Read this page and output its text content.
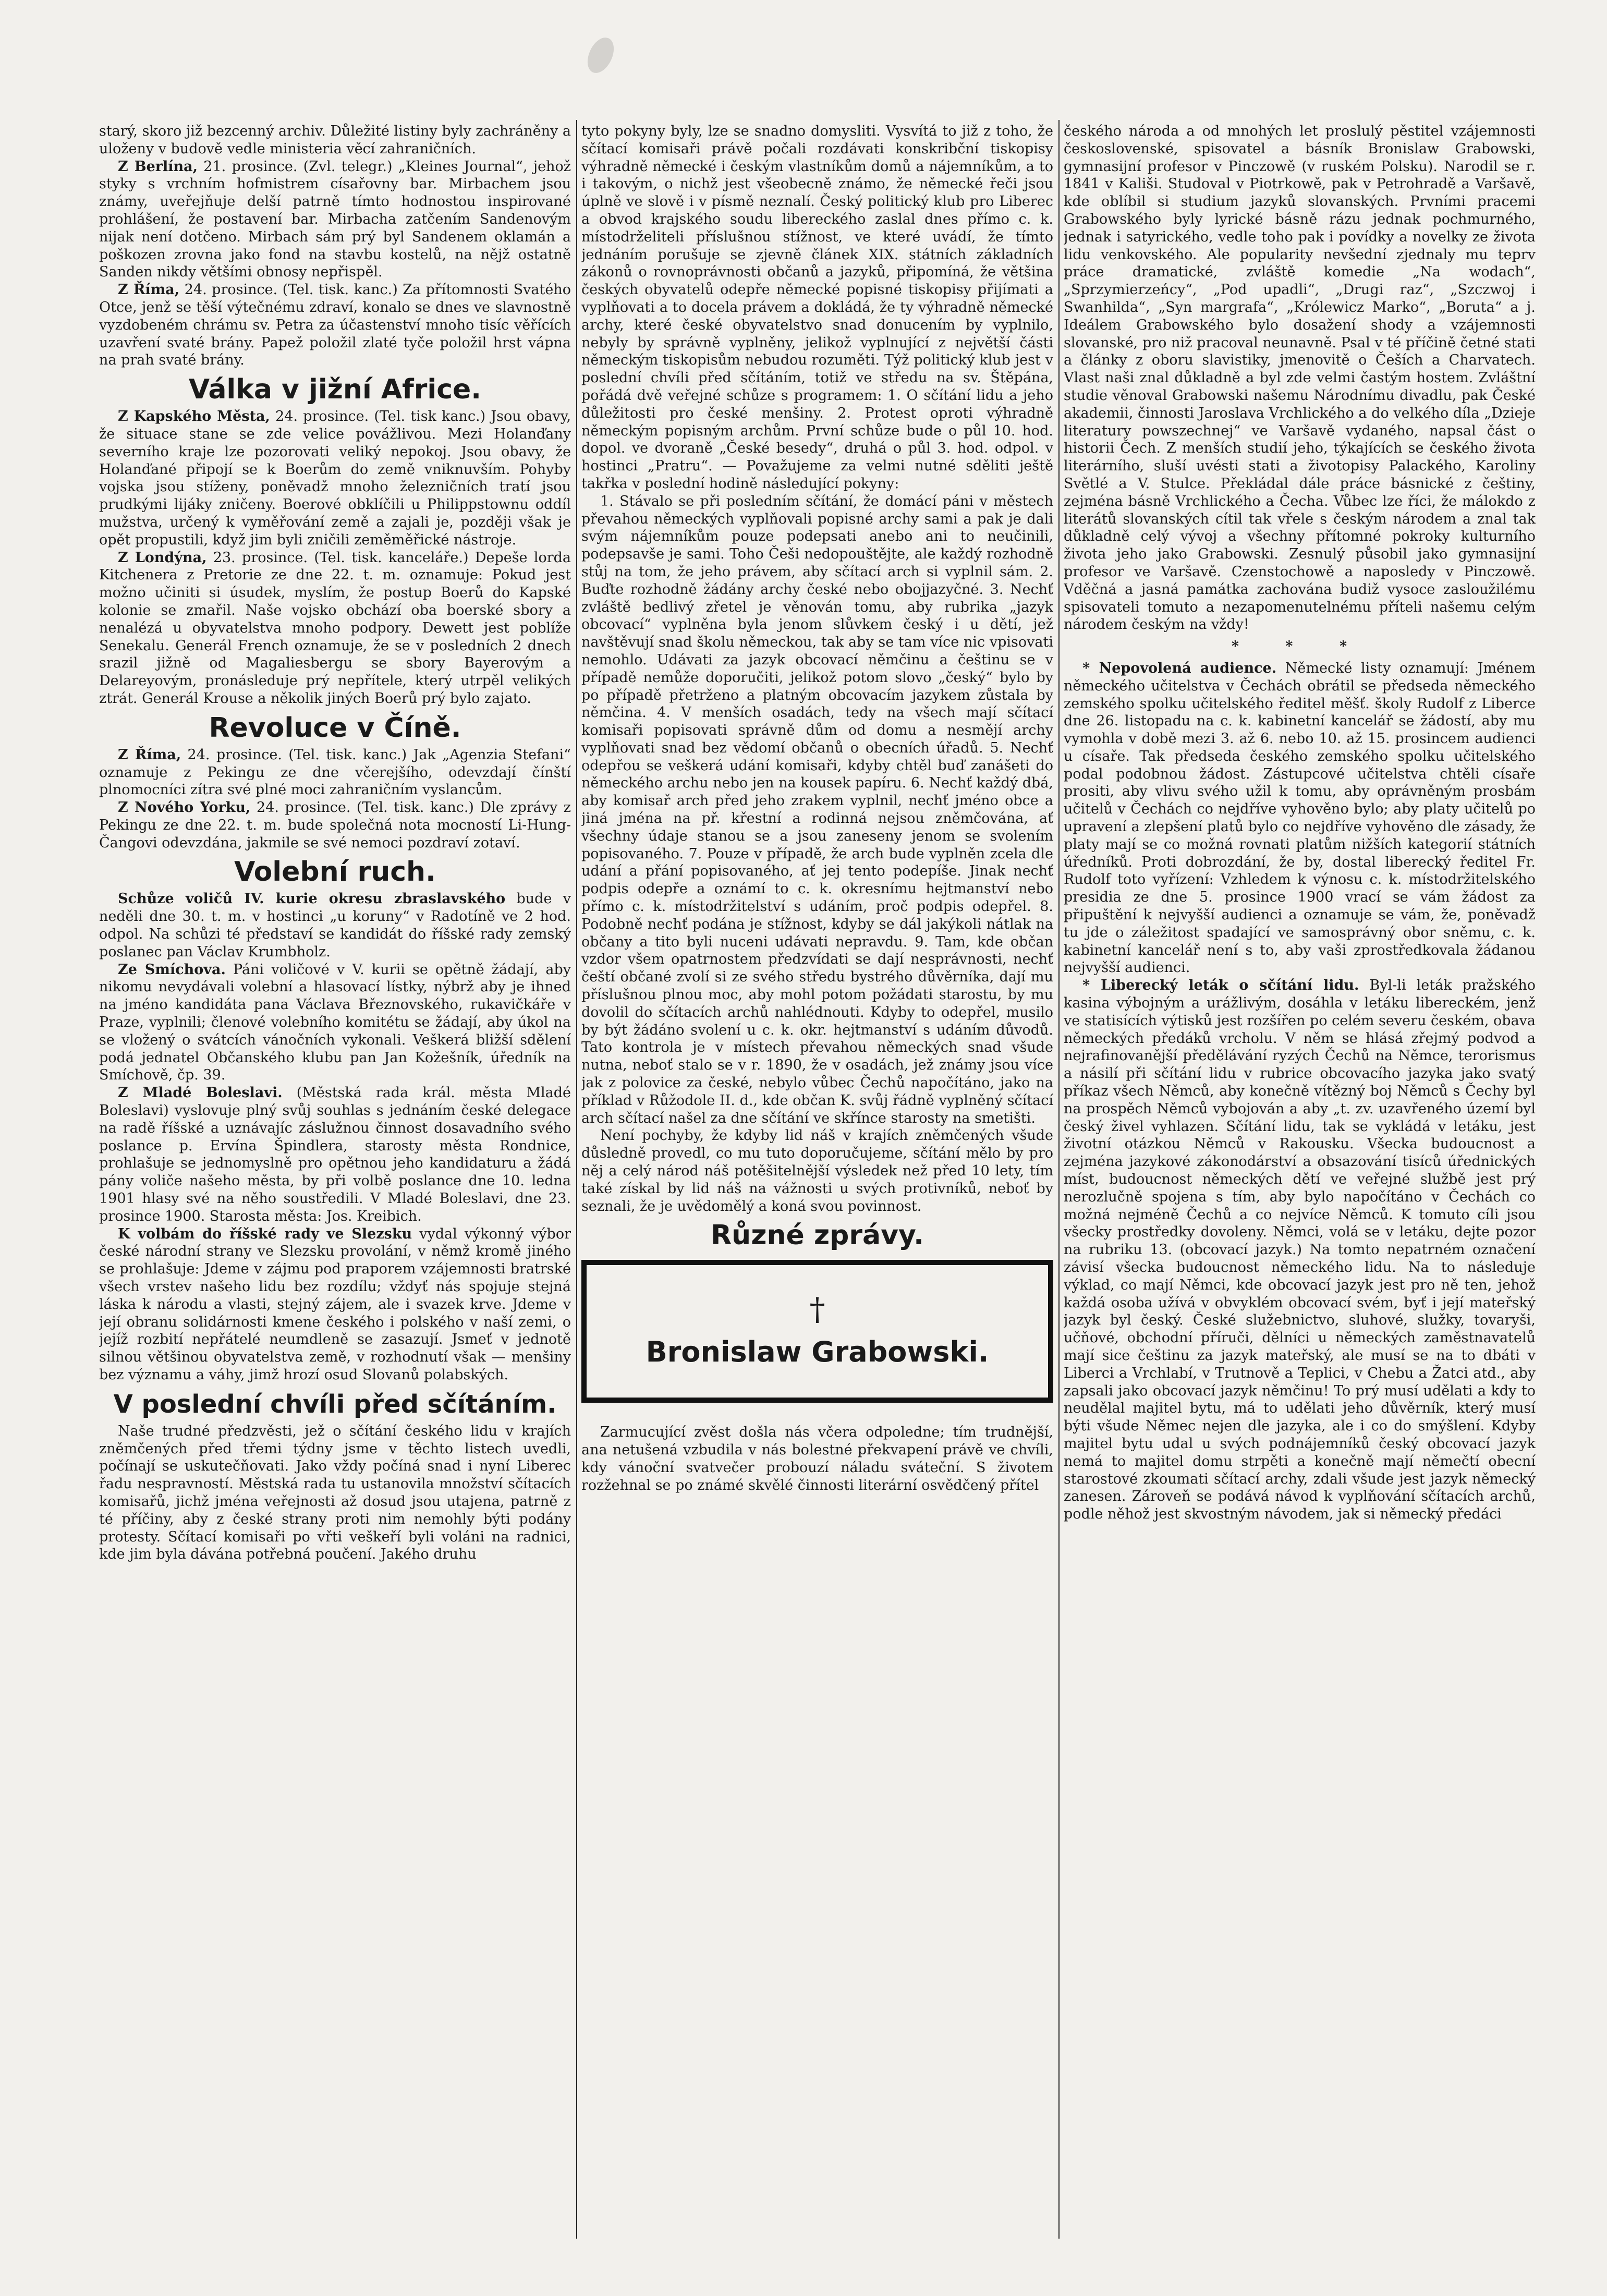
starý, skoro již bezcenný archiv. Důležité listiny byly zachráněny a uloženy v budově vedle ministeria věcí zahraničních.

Z Berlína, 21. prosince. (Zvl. telegr.) „Kleines Journal“, jehož styky s vrchním hofmistrem císařovny bar. Mirbachem jsou známy, uveřejňuje delší patrně tímto hodnostou inspirované prohlášení, že postavení bar. Mirbacha zatčením Sandenovým nijak není dotčeno. Mirbach sám prý byl Sandenem oklamán a poškozen zrovna jako fond na stavbu kostelů, na nějž ostatně Sanden nikdy většími obnosy nepřispěl.

Z Říma, 24. prosince. (Tel. tisk. kanc.) Za přítomnosti Svatého Otce, jenž se těší výtečnému zdraví, konalo se dnes ve slavnostně vyzdobeném chrámu sv. Petra za účastenství mnoho tisíc věřících uzavření svaté brány. Papež položil zlaté tyče položil hrst vápna na prah svaté brány.

Válka v jižní Africe.

Z Kapského Města, 24. prosince. (Tel. tisk kanc.) Jsou obavy, že situace stane se zde velice povážlivou. Mezi Holanďany severního kraje lze pozorovati veliký nepokoj. Jsou obavy, že Holanďané připojí se k Boerům do země vniknuvším. Pohyby vojska jsou stíženy, poněvadž mnoho železničních tratí jsou prudkými lijáky zničeny. Boerové obklíčili u Philippstownu oddíl mužstva, určený k vyměřování země a zajali je, později však je opět propustili, když jim byli zničili zeměměřické nástroje.

Z Londýna, 23. prosince. (Tel. tisk. kanceláře.) Depeše lorda Kitchenera z Pretorie ze dne 22. t. m. oznamuje: Pokud jest možno učiniti si úsudek, myslím, že postup Boerů do Kapské kolonie se zmařil. Naše vojsko obchází oba boerské sbory a nenalézá u obyvatelstva mnoho podpory. Dewett jest poblíže Senekalu. Generál French oznamuje, že se v posledních 2 dnech srazil jižně od Magaliesbergu se sbory Bayerovým a Delareyovým, pronásleduje prý nepřítele, který utrpěl velikých ztrát. Generál Krouse a několik jiných Boerů prý bylo zajato.

Revoluce v Číně.

Z Říma, 24. prosince. (Tel. tisk. kanc.) Jak „Agenzia Stefani“ oznamuje z Pekingu ze dne včerejšího, odevzdají čínští plnomocníci zítra své plné moci zahraničním vyslancům.

Z Nového Yorku, 24. prosince. (Tel. tisk. kanc.) Dle zprávy z Pekingu ze dne 22. t. m. bude společná nota mocností Li-Hung-Čangovi odevzdána, jakmile se své nemoci pozdraví zotaví.

Volební ruch.

Schůze voličů IV. kurie okresu zbraslavského bude v neděli dne 30. t. m. v hostinci „u koruny“ v Radotíně ve 2 hod. odpol. Na schůzi té představí se kandidát do říšské rady zemský poslanec pan Václav Krumbholz.

Ze Smíchova. Páni voličové v V. kurii se opětně žádají, aby nikomu nevydávali volební a hlasovací lístky, nýbrž aby je ihned na jméno kandidáta pana Václava Březnovského, rukavičkáře v Praze, vyplnili; členové volebního komitétu se žádají, aby úkol na se vložený o svátcích vánočních vykonali. Veškerá bližší sdělení podá jednatel Občanského klubu pan Jan Kožešník, úředník na Smíchově, čp. 39.

Z Mladé Boleslavi. (Městská rada král. města Mladé Boleslavi) vyslovuje plný svůj souhlas s jednáním české delegace na radě říšské a uznávajíc záslužnou činnost dosavadního svého poslance p. Ervína Špindlera, starosty města Rondnice, prohlašuje se jednomyslně pro opětnou jeho kandidaturu a žádá pány voliče našeho města, by při volbě poslance dne 10. ledna 1901 hlasy své na něho soustředili. V Mladé Boleslavi, dne 23. prosince 1900. Starosta města: Jos. Kreibich.

K volbám do říšské rady ve Slezsku vydal výkonný výbor české národní strany ve Slezsku provolání, v němž kromě jiného se prohlašuje: Jdeme v zájmu pod praporem vzájemnosti bratrské všech vrstev našeho lidu bez rozdílu; vždyť nás spojuje stejná láska k národu a vlasti, stejný zájem, ale i svazek krve. Jdeme v její obranu solidárnosti kmene českého i polského v naší zemi, o jejíž rozbití nepřátelé neumdleně se zasazují. Jsmeť v jednotě silnou většinou obyvatelstva země, v rozhodnutí však — menšiny bez významu a váhy, jimž hrozí osud Slovanů polabských.

V poslední chvíli před sčítáním.

Naše trudné předzvěsti, jež o sčítání českého lidu v krajích zněmčených před třemi týdny jsme v těchto listech uvedli, počínají se uskutečňovati. Jako vždy počíná snad i nyní Liberec řadu nespravností. Městská rada tu ustanovila množství sčítacích komisařů, jichž jména veřejnosti až dosud jsou utajena, patrně z té příčiny, aby z české strany proti nim nemohly býti podány protesty. Sčítací komisaři po vřti veškeří byli voláni na radnici, kde jim byla dávána potřebná poučení. Jakého druhu

tyto pokyny byly, lze se snadno domysliti. Vysvítá to již z toho, že sčítací komisaři právě počali rozdávati konskribční tiskopisy výhradně německé i českým vlastníkům domů a nájemníkům, a to i takovým, o nichž jest všeobecně známo, že německé řeči jsou úplně ve slově i v písmě neznalí. Český politický klub pro Liberec a obvod krajského soudu libereckého zaslal dnes přímo c. k. místodrželiteli příslušnou stížnost, ve které uvádí, že tímto jednáním porušuje se zjevně článek XIX. státních základních zákonů o rovnoprávnosti občanů a jazyků, připomíná, že většina českých obyvatelů odepře německé popisné tiskopisy přijímati a vyplňovati a to docela právem a dokládá, že ty výhradně německé archy, které české obyvatelstvo snad donucením by vyplnilo, nebyly by správně vyplněny, jelikož vyplnující z největší části německým tiskopisům nebudou rozuměti. Týž politický klub jest v poslední chvíli před sčítáním, totiž ve středu na sv. Štěpána, pořádá dvě veřejné schůze s programem: 1. O sčítání lidu a jeho důležitosti pro české menšiny. 2. Protest oproti výhradně německým popisným archům. První schůze bude o půl 10. hod. dopol. ve dvoraně „České besedy“, druhá o půl 3. hod. odpol. v hostinci „Pratru“. — Považujeme za velmi nutné sděliti ještě takřka v poslední hodině následující pokyny:

1. Stávalo se při posledním sčítání, že domácí páni v městech převahou německých vyplňovali popisné archy sami a pak je dali svým nájemníkům pouze podepsati anebo ani to neučinili, podepsavše je sami. Toho Češi nedopouštějte, ale každý rozhodně stůj na tom, že jeho právem, aby sčítací arch si vyplnil sám. 2. Buďte rozhodně žádány archy české nebo obojjazyčné. 3. Nechť zvláště bedlivý zřetel je věnován tomu, aby rubrika „jazyk obcovací“ vyplněna byla jenom slůvkem český i u dětí, jež navštěvují snad školu německou, tak aby se tam více nic vpisovati nemohlo. Udávati za jazyk obcovací němčinu a češtinu se v případě nemůže doporučiti, jelikož potom slovo „český“ bylo by po případě přetrženo a platným obcovacím jazykem zůstala by němčina. 4. V menších osadách, tedy na všech mají sčítací komisaři popisovati správně dům od domu a nesmějí archy vyplňovati snad bez vědomí občanů o obecních úřadů. 5. Nechť odepřou se veškerá udání komisaři, kdyby chtěl buď zanášeti do německého archu nebo jen na kousek papíru. 6. Nechť každý dbá, aby komisař arch před jeho zrakem vyplnil, nechť jméno obce a jiná jména na př. křestní a rodinná nejsou zněmčována, ať všechny údaje stanou se a jsou zaneseny jenom se svolením popisovaného. 7. Pouze v případě, že arch bude vyplněn zcela dle udání a přání popisovaného, ať jej tento podepíše. Jinak nechť podpis odepře a oznámí to c. k. okresnímu hejtmanství nebo přímo c. k. místodržitelství s udáním, proč podpis odepřel. 8. Podobně nechť podána je stížnost, kdyby se dál jakýkoli nátlak na občany a tito byli nuceni udávati nepravdu. 9. Tam, kde občan vzdor všem opatrnostem předzvídati se dají nesprávnosti, nechť čeští občané zvolí si ze svého středu bystrého důvěrníka, dají mu příslušnou plnou moc, aby mohl potom požádati starostu, by mu dovolil do sčítacích archů nahlédnouti. Kdyby to odepřel, musilo by být žádáno svolení u c. k. okr. hejtmanství s udáním důvodů. Tato kontrola je v místech převahou německých snad všude nutna, neboť stalo se v r. 1890, že v osadách, jež známy jsou více jak z polovice za české, nebylo vůbec Čechů napočítáno, jako na příklad v Růžodole II. d., kde občan K. svůj řádně vyplněný sčítací arch sčítací našel za dne sčítání ve skřínce starosty na smetišti.

Není pochyby, že kdyby lid náš v krajích zněmčených všude důsledně provedl, co mu tuto doporučujeme, sčítání mělo by pro něj a celý národ náš potěšitelnější výsledek než před 10 lety, tím také získal by lid náš na vážnosti u svých protivníků, neboť by seznali, že je uvědomělý a koná svou povinnost.

Různé zprávy.
†
Bronislaw Grabowski.

Zarmucující zvěst došla nás včera odpoledne; tím trudnější, ana netušená vzbudila v nás bolestné překvapení právě ve chvíli, kdy vánoční svatvečer probouzí náladu sváteční. S životem rozžehnal se po známé skvělé činnosti literární osvědčený přítel

českého národa a od mnohých let proslulý pěstitel vzájemnosti československé, spisovatel a básník Bronislaw Grabowski, gymnasijní profesor v Pinczowě (v ruském Polsku). Narodil se r. 1841 v Kališi. Studoval v Piotrkowě, pak v Petrohradě a Varšavě, kde oblíbil si studium jazyků slovanských. Prvními pracemi Grabowského byly lyrické básně rázu jednak pochmurného, jednak i satyrického, vedle toho pak i povídky a novelky ze života lidu venkovského. Ale popularity nevšední zjednaly mu teprv práce dramatické, zvláště komedie „Na wodach“, „Sprzymierzeńcy“, „Pod upadli“, „Drugi raz“, „Szczwoj i Swanhilda“, „Syn margrafa“, „Królewicz Marko“, „Boruta“ a j. Ideálem Grabowského bylo dosažení shody a vzájemnosti slovanské, pro niž pracoval neunavně. Psal v té příčině četné stati a články z oboru slavistiky, jmenovitě o Češích a Charvatech. Vlast naši znal důkladně a byl zde velmi častým hostem. Zvláštní studie věnoval Grabowski našemu Národnímu divadlu, pak České akademii, činnosti Jaroslava Vrchlického a do velkého díla „Dzieje literatury powszechnej“ ve Varšavě vydaného, napsal část o historii Čech. Z menších studií jeho, týkajících se českého života literárního, sluší uvésti stati a životopisy Palackého, Karoliny Světlé a V. Stulce. Překládal dále práce básnické z češtiny, zejména básně Vrchlického a Čecha. Vůbec lze říci, že málokdo z literátů slovanských cítil tak vřele s českým národem a znal tak důkladně celý vývoj a všechny přítomné pokroky kulturního života jeho jako Grabowski. Zesnulý působil jako gymnasijní profesor ve Varšavě. Czenstochowě a naposledy v Pinczowě. Vděčná a jasná památka zachována budiž vysoce zasloužilému spisovateli tomuto a nezapomenutelnému příteli našemu celým národem českým na vždy!

* * *

* Nepovolená audience. Německé listy oznamují: Jménem německého učitelstva v Čechách obrátil se předseda německého zemského spolku učitelského ředitel měšť. školy Rudolf z Liberce dne 26. listopadu na c. k. kabinetní kancelář se žádostí, aby mu vymohla v době mezi 3. až 6. nebo 10. až 15. prosincem audienci u císaře. Tak předseda českého zemského spolku učitelského podal podobnou žádost. Zástupcové učitelstva chtěli císaře prositi, aby vlivu svého užil k tomu, aby oprávněným prosbám učitelů v Čechách co nejdříve vyhověno bylo; aby platy učitelů po upravení a zlepšení platů bylo co nejdříve vyhověno dle zásady, že platy mají se co možná rovnati platům nižších kategorií státních úředníků. Proti dobrozdání, že by, dostal liberecký ředitel Fr. Rudolf toto vyřízení: Vzhledem k výnosu c. k. místodržitelského presidia ze dne 5. prosince 1900 vrací se vám žádost za připuštění k nejvyšší audienci a oznamuje se vám, že, poněvadž tu jde o záležitost spadající ve samosprávný obor sněmu, c. k. kabinetní kancelář není s to, aby vaši zprostředkovala žádanou nejvyšší audienci.

* Liberecký leták o sčítání lidu. Byl-li leták pražského kasina výbojným a urážlivým, dosáhla v letáku libereckém, jenž ve statisících výtisků jest rozšířen po celém severu českém, obava německých předáků vrcholu. V něm se hlásá zřejmý podvod a nejrafinovanější předělávání ryzých Čechů na Němce, terorismus a násilí při sčítání lidu v rubrice obcovacího jazyka jako svatý příkaz všech Němců, aby konečně vítězný boj Němců s Čechy byl na prospěch Němců vybojován a aby „t. zv. uzavřeného území byl český živel vyhlazen. Sčítání lidu, tak se vykládá v letáku, jest životní otázkou Němců v Rakousku. Všecka budoucnost a zejména jazykové zákonodárství a obsazování tisíců úřednických míst, budoucnost německých dětí ve veřejné službě jest prý nerozlučně spojena s tím, aby bylo napočítáno v Čechách co možná nejméně Čechů a co nejvíce Němců. K tomuto cíli jsou všecky prostředky dovoleny. Němci, volá se v letáku, dejte pozor na rubriku 13. (obcovací jazyk.) Na tomto nepatrném označení závisí všecka budoucnost německého lidu. Na to následuje výklad, co mají Němci, kde obcovací jazyk jest pro ně ten, jehož každá osoba užívá v obvyklém obcovací svém, byť i její mateřský jazyk byl český. České služebnictvo, sluhové, služky, tovaryši, učňové, obchodní příruči, dělníci u německých zaměstnavatelů mají sice češtinu za jazyk mateřský, ale musí se na to dbáti v Liberci a Vrchlabí, v Trutnově a Teplici, v Chebu a Žatci atd., aby zapsali jako obcovací jazyk němčinu! To prý musí udělati a kdy to neudělal majitel bytu, má to udělati jeho důvěrník, který musí býti všude Němec nejen dle jazyka, ale i co do smýšlení. Kdyby majitel bytu udal u svých podnájemníků český obcovací jazyk nemá to majitel domu strpěti a konečně mají němečtí obecní starostové zkoumati sčítací archy, zdali všude jest jazyk německý zanesen. Zároveň se podává návod k vyplňování sčítacích archů, podle něhož jest skvostným návodem, jak si německý předáci
